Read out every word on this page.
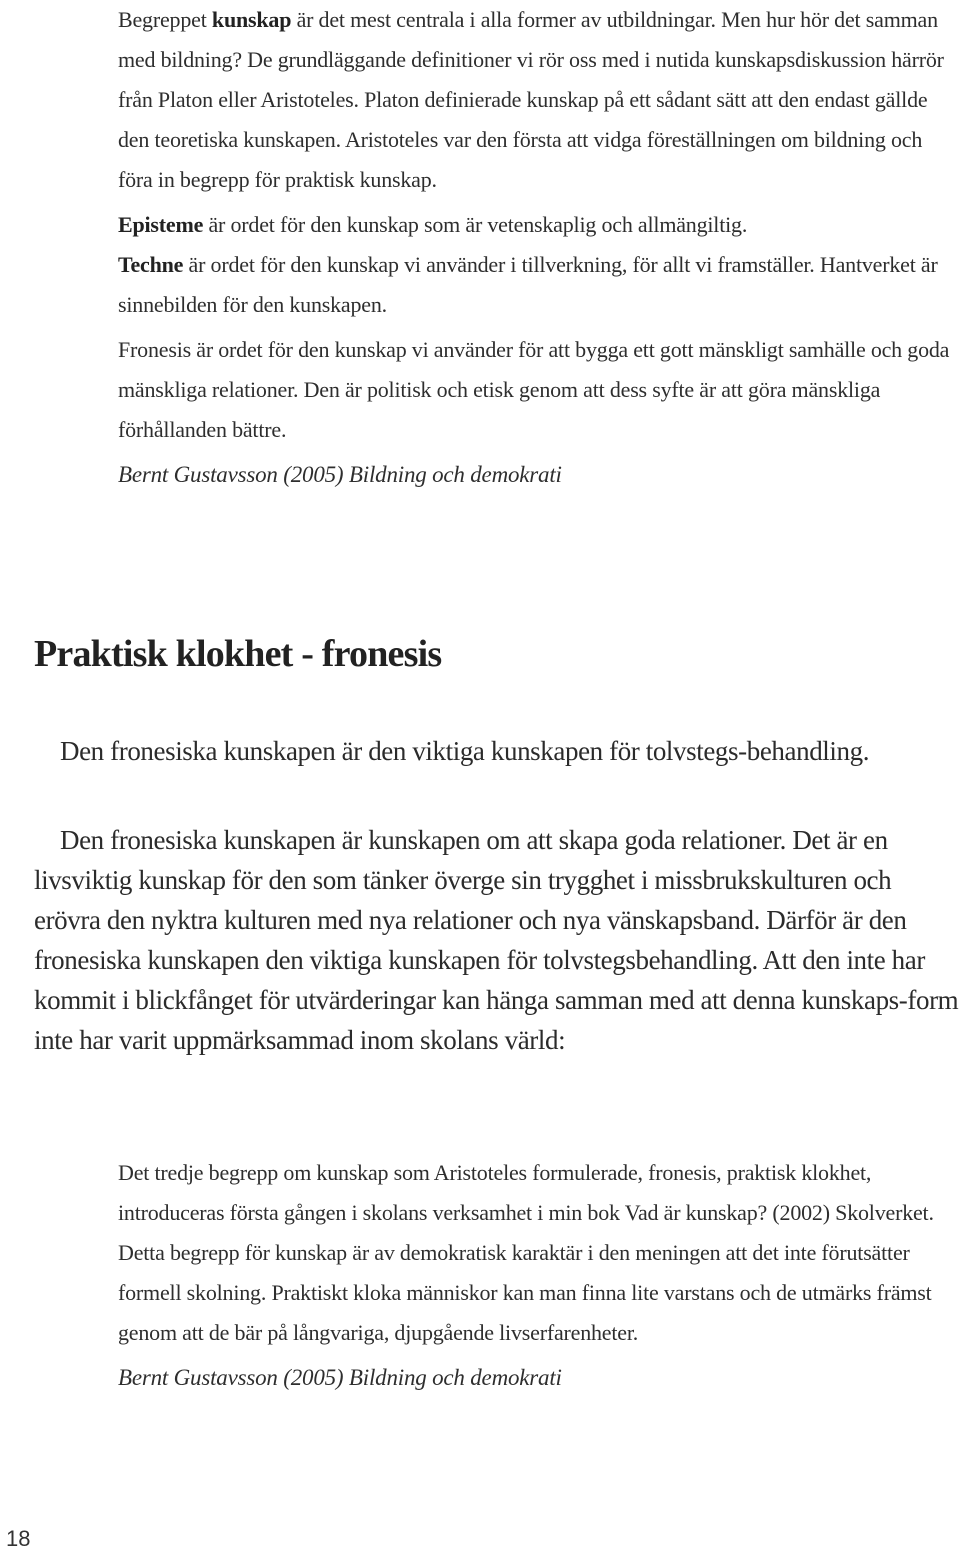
Begreppet kunskap är det mest centrala i alla former av utbildningar. Men hur hör det samman med bildning? De grundläggande definitioner vi rör oss med i nutida kunskapsdiskussion härrör från Platon eller Aristoteles. Platon definierade kunskap på ett sådant sätt att den endast gällde den teoretiska kunskapen. Aristoteles var den första att vidga föreställningen om bildning och föra in begrepp för praktisk kunskap.

Episteme är ordet för den kunskap som är vetenskaplig och allmängiltig.
Techne är ordet för den kunskap vi använder i tillverkning, för allt vi framställer. Hantverket är sinnebilden för den kunskapen.

Fronesis är ordet för den kunskap vi använder för att bygga ett gott mänskligt samhälle och goda mänskliga relationer. Den är politisk och etisk genom att dess syfte är att göra mänskliga förhållanden bättre.

Bernt Gustavsson (2005) Bildning och demokrati

Praktisk klokhet - fronesis

Den fronesiska kunskapen är den viktiga kunskapen för tolvstegs-behandling.

Den fronesiska kunskapen är kunskapen om att skapa goda relationer. Det är en livsviktig kunskap för den som tänker överge sin trygghet i missbrukskulturen och erövra den nyktra kulturen med nya relationer och nya vänskapsband. Därför är den fronesiska kunskapen den viktiga kunskapen för tolvstegsbehandling. Att den inte har kommit i blickfånget för utvärderingar kan hänga samman med att denna kunskaps-form inte har varit uppmärksammad inom skolans värld:

Det tredje begrepp om kunskap som Aristoteles formulerade, fronesis, praktisk klokhet, introduceras första gången i skolans verksamhet i min bok Vad är kunskap? (2002) Skolverket. Detta begrepp för kunskap är av demokratisk karaktär i den meningen att det inte förutsätter formell skolning. Praktiskt kloka människor kan man finna lite varstans och de utmärks främst genom att de bär på långvariga, djupgående livserfarenheter.

Bernt Gustavsson (2005) Bildning och demokrati

18
